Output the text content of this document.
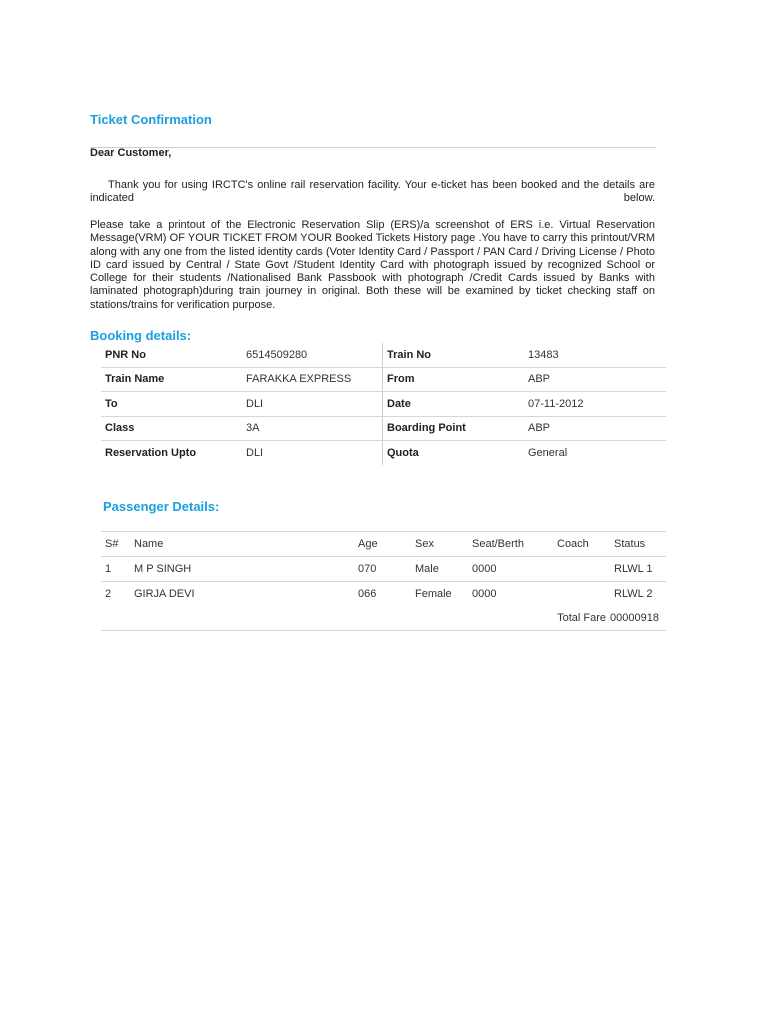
Ticket Confirmation
Dear Customer,

Thank you for using IRCTC's online rail reservation facility. Your e-ticket has been booked and the details are indicated below.

Please take a printout of the Electronic Reservation Slip (ERS)/a screenshot of ERS i.e. Virtual Reservation Message(VRM) OF YOUR TICKET FROM YOUR Booked Tickets History page .You have to carry this printout/VRM along with any one from the listed identity cards (Voter Identity Card / Passport / PAN Card / Driving License / Photo ID card issued by Central / State Govt /Student Identity Card with photograph issued by recognized School or College for their students /Nationalised Bank Passbook with photograph /Credit Cards issued by Banks with laminated photograph)during train journey in original. Both these will be examined by ticket checking staff on stations/trains for verification purpose.

Booking details:
PNR No	6514509280	Train No	13483
Train Name	FARAKKA EXPRESS	From	ABP
To	DLI	Date	07-11-2012
Class	3A	Boarding Point	ABP
Reservation Upto	DLI	Quota	General
Passenger Details:
S#	Name	Age	Sex	Seat/Berth	Coach	Status
1	M P SINGH	070	Male	0000		RLWL 1
2	GIRJA DEVI	066	Female	0000		RLWL 2
Total Fare						00000918
